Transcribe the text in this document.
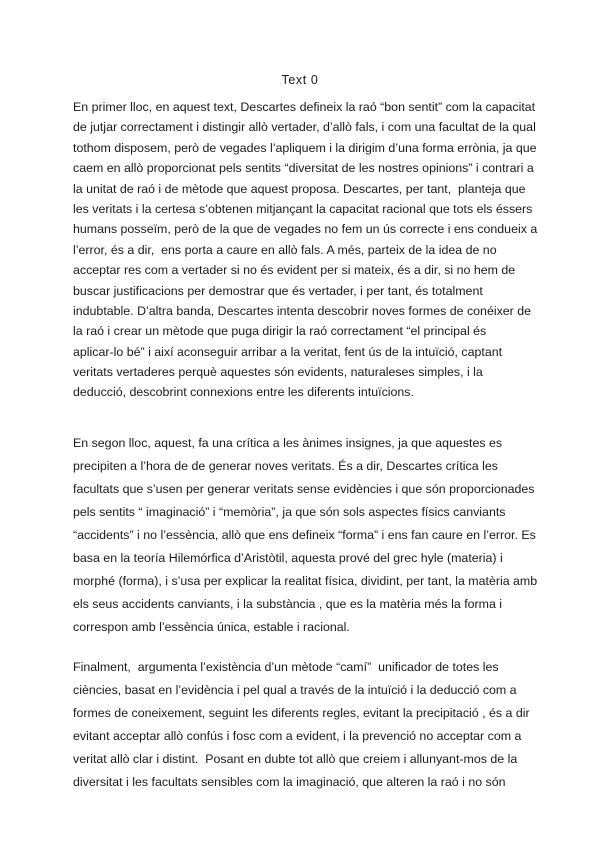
Text 0
En primer lloc, en aquest text, Descartes defineix la raó “bon sentit” com la capacitat
de jutjar correctament i distingir allò vertader, d’allò fals, i com una facultat de la qual
tothom disposem, però de vegades l’apliquem i la dirigim d’una forma errònia, ja que
caem en allò proporcionat pels sentits “diversitat de les nostres opinions” i contrari a
la unitat de raó i de mètode que aquest proposa. Descartes, per tant,  planteja que
les veritats i la certesa s’obtenen mitjançant la capacitat racional que tots els éssers
humans posseïm, però de la que de vegades no fem un ús correcte i ens condueix a
l’error, és a dir,  ens porta a caure en allò fals. A més, parteix de la idea de no
acceptar res com a vertader si no és evident per si mateix, és a dir, si no hem de
buscar justificacions per demostrar que és vertader, i per tant, és totalment
indubtable. D’altra banda, Descartes intenta descobrir noves formes de conéixer de
la raó i crear un mètode que puga dirigir la raó correctament “el principal és
aplicar-lo bé” i així aconseguir arribar a la veritat, fent ús de la intuïció, captant
veritats vertaderes perquè aquestes són evidents, naturaleses simples, i la
deducció, descobrint connexions entre les diferents intuïcions.
En segon lloc, aquest, fa una crítica a les ànimes insignes, ja que aquestes es
precipiten a l’hora de de generar noves veritats. És a dir, Descartes crítica les
facultats que s’usen per generar veritats sense evidències i que són proporcionades
pels sentits “ imaginació” i “memòria”, ja que són sols aspectes físics canviants
“accidents” i no l’essència, allò que ens defineix “forma” i ens fan caure en l’error. Es
basa en la teoría Hilemórfica d’Aristòtil, aquesta prové del grec hyle (materia) i
morphé (forma), i s’usa per explicar la realitat física, dividint, per tant, la matèria amb
els seus accidents canviants, i la substància , que es la matèria més la forma i
correspon amb l’essència única, estable i racional.
Finalment,  argumenta l’existència d’un mètode “camí”  unificador de totes les
ciències, basat en l’evidència i pel qual a través de la intuïció i la deducció com a
formes de coneixement, seguint les diferents regles, evitant la precipitació , és a dir
evitant acceptar allò confús i fosc com a evident, i la prevenció no acceptar com a
veritat allò clar i distint.  Posant en dubte tot allò que creiem i allunyant-mos de la
diversitat i les facultats sensibles com la imaginació, que alteren la raó i no són
